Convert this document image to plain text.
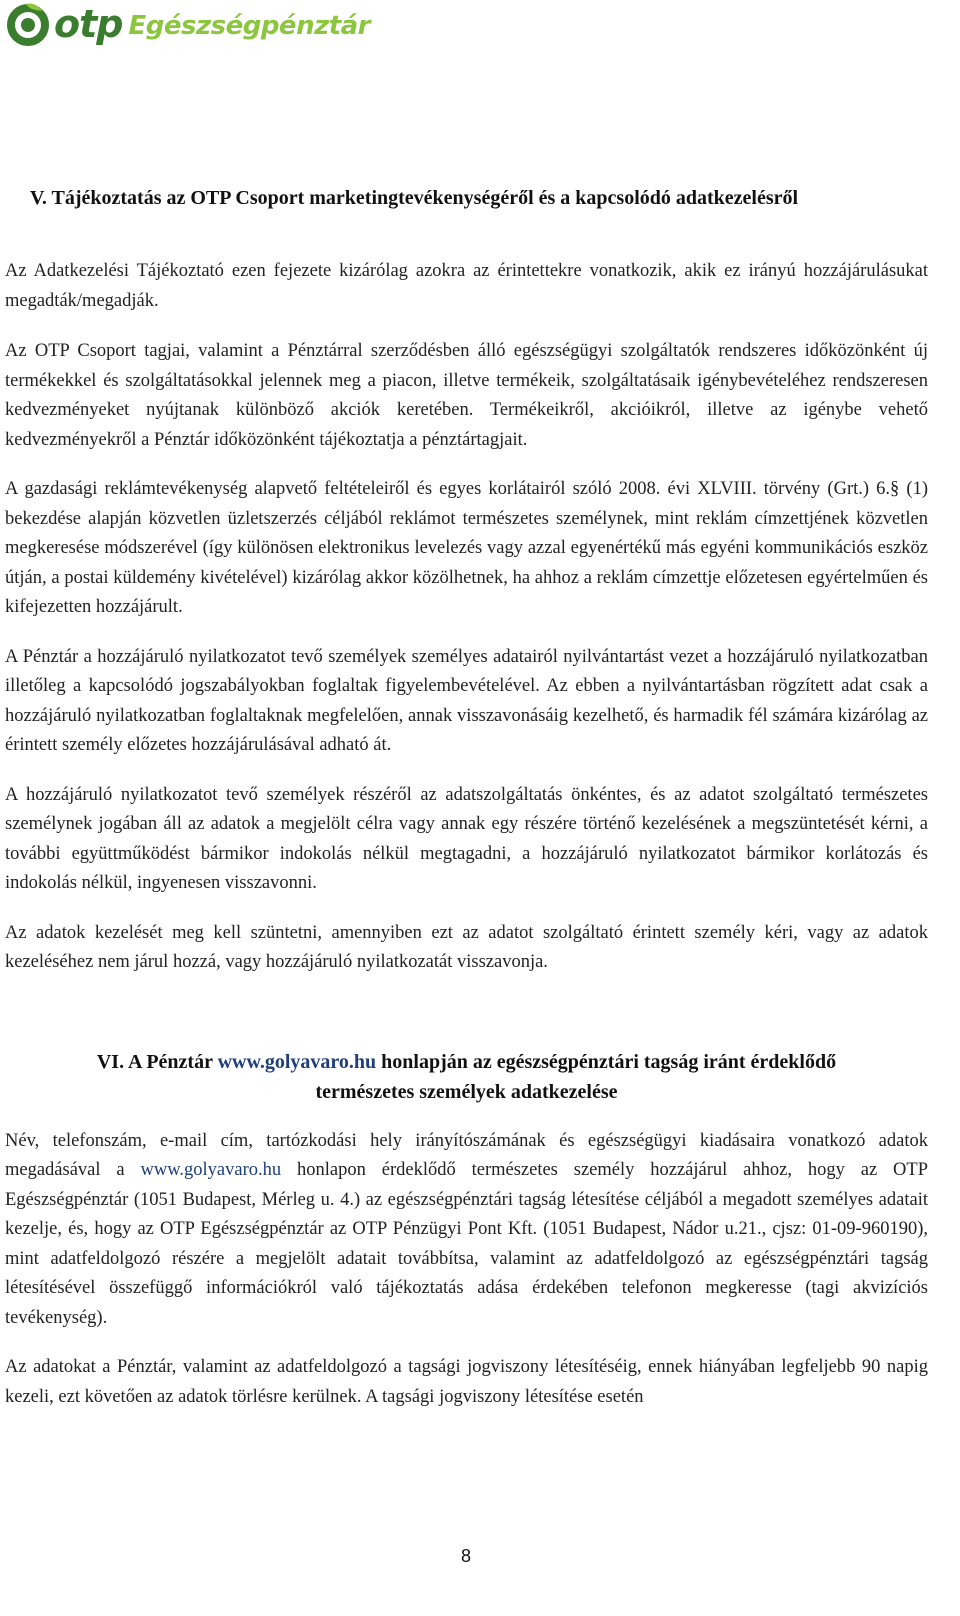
otp Egészségpénztár
V. Tájékoztatás az OTP Csoport marketingtevékenységéről és a kapcsolódó adatkezelésről

Az Adatkezelési Tájékoztató ezen fejezete kizárólag azokra az érintettekre vonatkozik, akik ez irányú hozzájárulásukat megadták/megadják.

Az OTP Csoport tagjai, valamint a Pénztárral szerződésben álló egészségügyi szolgáltatók rendszeres időközönként új termékekkel és szolgáltatásokkal jelennek meg a piacon, illetve termékeik, szolgáltatásaik igénybevételéhez rendszeresen kedvezményeket nyújtanak különböző akciók keretében. Termékeikről, akcióikról, illetve az igénybe vehető kedvezményekről a Pénztár időközönként tájékoztatja a pénztártagjait.

A gazdasági reklámtevékenység alapvető feltételeiről és egyes korlátairól szóló 2008. évi XLVIII. törvény (Grt.) 6.§ (1) bekezdése alapján közvetlen üzletszerzés céljából reklámot természetes személynek, mint reklám címzettjének közvetlen megkeresése módszerével (így különösen elektronikus levelezés vagy azzal egyenértékű más egyéni kommunikációs eszköz útján, a postai küldemény kivételével) kizárólag akkor közölhetnek, ha ahhoz a reklám címzettje előzetesen egyértelműen és kifejezetten hozzájárult.

A Pénztár a hozzájáruló nyilatkozatot tevő személyek személyes adatairól nyilvántartást vezet a hozzájáruló nyilatkozatban illetőleg a kapcsolódó jogszabályokban foglaltak figyelembevételével. Az ebben a nyilvántartásban rögzített adat csak a hozzájáruló nyilatkozatban foglaltaknak megfelelően, annak visszavonásáig kezelhető, és harmadik fél számára kizárólag az érintett személy előzetes hozzájárulásával adható át.

A hozzájáruló nyilatkozatot tevő személyek részéről az adatszolgáltatás önkéntes, és az adatot szolgáltató természetes személynek jogában áll az adatok a megjelölt célra vagy annak egy részére történő kezelésének a megszüntetését kérni, a további együttműködést bármikor indokolás nélkül megtagadni, a hozzájáruló nyilatkozatot bármikor korlátozás és indokolás nélkül, ingyenesen visszavonni.

Az adatok kezelését meg kell szüntetni, amennyiben ezt az adatot szolgáltató érintett személy kéri, vagy az adatok kezeléséhez nem járul hozzá, vagy hozzájáruló nyilatkozatát visszavonja.

VI. A Pénztár www.golyavaro.hu honlapján az egészségpénztári tagság iránt érdeklődő
természetes személyek adatkezelése

Név, telefonszám, e-mail cím, tartózkodási hely irányítószámának és egészségügyi kiadásaira vonatkozó adatok megadásával a www.golyavaro.hu honlapon érdeklődő természetes személy hozzájárul ahhoz, hogy az OTP Egészségpénztár (1051 Budapest, Mérleg u. 4.) az egészségpénztári tagság létesítése céljából a megadott személyes adatait kezelje, és, hogy az OTP Egészségpénztár az OTP Pénzügyi Pont Kft. (1051 Budapest, Nádor u.21., cjsz: 01-09-960190), mint adatfeldolgozó részére a megjelölt adatait továbbítsa, valamint az adatfeldolgozó az egészségpénztári tagság létesítésével összefüggő információkról való tájékoztatás adása érdekében telefonon megkeresse (tagi akvizíciós tevékenység).

Az adatokat a Pénztár, valamint az adatfeldolgozó a tagsági jogviszony létesítéséig, ennek hiányában legfeljebb 90 napig kezeli, ezt követően az adatok törlésre kerülnek. A tagsági jogviszony létesítése esetén

8
